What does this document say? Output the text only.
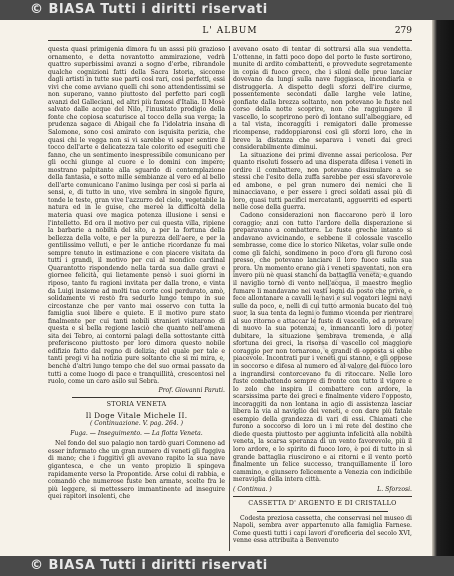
L' ALBUM	279

questa quasi primigenia dimora fu un asssi più grazioso ornamento, e detta novantotto ammirazione, vedrà quattro superbissimi avanzi a sogno d'erbe, ribrandole qualche cognizioni fatti della Sacra Istoria, siccome dagli artisti in tutte sue parti così rari, così perfetti, essi vivi che come avviano quelli chi sono attendentissimi se non superano, vanno piuttosto del perfetto pari cogli avanzi del Galleciani, ed altri più famosi d'Italia. Il Mosè salvato dalle acque del Nilo, l'inusitato prodigio della fonte che copiosa scaturisce al tocco della sua verga; la prudenza sagace di Abigail che fa l'idolatria insana di Salomone, sono così amirato con isquisita perizia, che quasi chi le vegga non si vi sarebbe vi saper sentire il tocco dell'arte e delicatezza tale colorito ed eseguiti che fanno, che un sentimento inespressibile comunicano per gli occhi giunge al cuore e lo domini con impero; mostrano palpitante alla sguardo di contemplazione della fantasia, e sotto mille sembianze al vero ed al bello dell'arte comunicano l'animo lusinga per così si parla ai sensi, e, di tutto in uno, vive sembra in singole figure, tonde le teste, gran vive l'azzurro del cielo, vegetabile la natura ed in le guise, che mereè la difficoltà della materia quasi ove magica potenza illusione i sensi e l'intelletto. Ed ora il motivo per cui questa villa, ripiene la barbarie a nobiltà del sito, a per la fortuna della bellezza della volte, e per la purezza dell'aere, e per la gentilissimo velluti, e per le antiche ricordanze fu mai sempre tenuto in estimazione e con piacere visitata da tutti i grandi, il motivo per cui al mondico cardinal Quarantotto rispondendo nella tarda sua dalle gravi e giornee felicità, qui lietamente pensò i suoi giorni in riposo, tanto fu ragioni invitata per dalla trono, e vinta da Luigi insieme ad molti tua corte così perdurato, amò, solidamente vi restò fra sedurlo lungo tempo in sue circostanze che per vanto mai osservo con tutta la famiglia suoi libere e quiete. E il motivo pure stato finalmente per cui tanti nobili stranieri visitarono di questa e sì bella regione lasciò che quanto nell'amena sita dei Tebro, ai contorni palagi della sottostante città preferiscono piuttosto per loro dimora questo nobile edifizio fatto dal regno di delizia; del quale per tale e tanti pregi vi ha notizia pure soltanto che si mi mira, e, benchè d'altri lungo tempo che del suo ormai passato da tutti a come luogo di pace e tranquillità, crescentosi nel ruolo, come un caro asilo sul Sebra.

Prof. Giovanni Paruti.
STORIA VENETA
Il Doge Vitale Michele II.
( Continuazione. V. pag. 264. )
Fuga. — Inseguimento. — La flotta Veneta.

Nel fondo del suo palagio non tardò guari Comneno ad esser informato che un gran numero di veneti gli fuggiva di mano; che i fuggitivi gli avevano rapito la sua nave gigantesca, e che un vento propizio li spingeva rapidamente verso la Propontide. Arse colui di rabbia, e comandò che numerose fuste ben armate, scelte fra le più leggere, si mettessero immantinente ad inseguire quei rapitori insolenti, che

avevano osato di tentar di sottrarsi alla sua vendetta. L'ottenne, in fatti poco dopo del porto le fuste sortirono, munite di ardito combattenti, e provvedute segretamente in copia di fuoco greco, che i siloni delle prue lanciar dovevano da lungi sulla nave fuggiasca, incendiarla e distruggerla. A dispetto degli sforzi dell'ire ciurme, possentemente secondati dalle larghe vele latine, gonfiate dalla brezza soltanto, non potevano le fuste nel corso della notte scoprire, non che raggiungere il vascello, lo scoprirono però dì lontano sull'albeggiare, ed a tal vista, incoraggiti i remigatori dalle promesse ricompense, raddoppiaronsi così gli sforzi loro, che in breve la distanza che separava i veneti dai greci considerabilmente diminui.

La situazione dei primi divenne assai pericolosa. Per quanto risoluti fossero ad una disperata difesa i veneti in ordire il combattere, non potevano dissimulare a se stessi che l'esito della zuffa sarebbe per essi sfavorevole ed ambone, e pel gran numero dei nemici che li minacciavano, e per essere i greci soldati assai più di loro, quasi tutti pacifici mercatanti, agguerriti ed esperti nelle cose della guerra.

Cadono considerazioni non fiaccarono però il loro coraggio; anzi con tutto l'ardore della disperazione si preparavano a combattere. Le fuste greche intanto si andavano avvicinando, e sebbene il colossale vascello sembrasse, come dice lo storico Niketas, volar sulle onde come gli falchi, sondimeno in poco d'ora gli furono così presso, che potevano lanciare il loro fuoco sulla sua prora. Un momento erano già i veneti spaventati, non era invero più nè quasi stanchi da battaglia veneta, e quando il naviglio tornò di vento nell'acqua, il maestro meglio fumare li mandavano nei vasti legni da posto che prive, e fece allontanare a cavalli le navi e sul vogatori legni navi sulle da poco, e, nelli di cui tutto armonia bucato del tuo suor, la sua tenta da legni o fummo vicenda per rientrare al suo ritorno e attaccar le fuste di vascello, ed a provare di nuovo la sua potenza, e, inmancanti loro di poter dubitare, la situazione sembrava tremenda, e alla sfortuna dei greci, la risorsa di vascello col maggiore coraggio per non tornarono, e grandi di opposta si ebbe piacevole. Incontrati pur i veneti qui stanno, e gli oppose in soccorso e difesa al numero ed al valore del fuoco loro a ingrandirsi contorcevano fu di ritoccare. Nelle loro fuste combattendo sempre di fronte con tutto il vigore e lo zelo che inspira il combattere con ardore, la scarsissima parte dei greci e finalmente videro l'opposto, incoraggiti da non lontana in agio di assistenza lasciar libera la via al naviglio dei veneti, e con dare più fatale esempio della grandezza di vari di essi. Chiamati che furono a soccorso di loro un i mi rete del destino che diede questa piuttosto per aggiunta infelicità alla nobiltà veneta, la scarsa speranza di un vento favorevole, più il loro ardore, e lo spirito di fuoco loro, è poi di tutto in sì grande battaglia riuscirono e ai ritorni e il vento portò finalmente un felice successo, tranquillamente il loro cammino, e giunsero felicemente a Venezia con indicibile meraviglia della intera città.

( Continua. )	L. Sforzosi.
CASSETTA D' ARGENTO E DI CRISTALLO

Codesta preziosa cassetta, che conservasi nel museo di Napoli, sembra aver appartenuto alla famiglia Farnese. Come questi tutti i capi lavori d'oreficeria del secolo XVI, venne essa attribuita a Benvenuto

© BIASA Tutti i diritti riservati
© BIASA Tutti i diritti riservati
